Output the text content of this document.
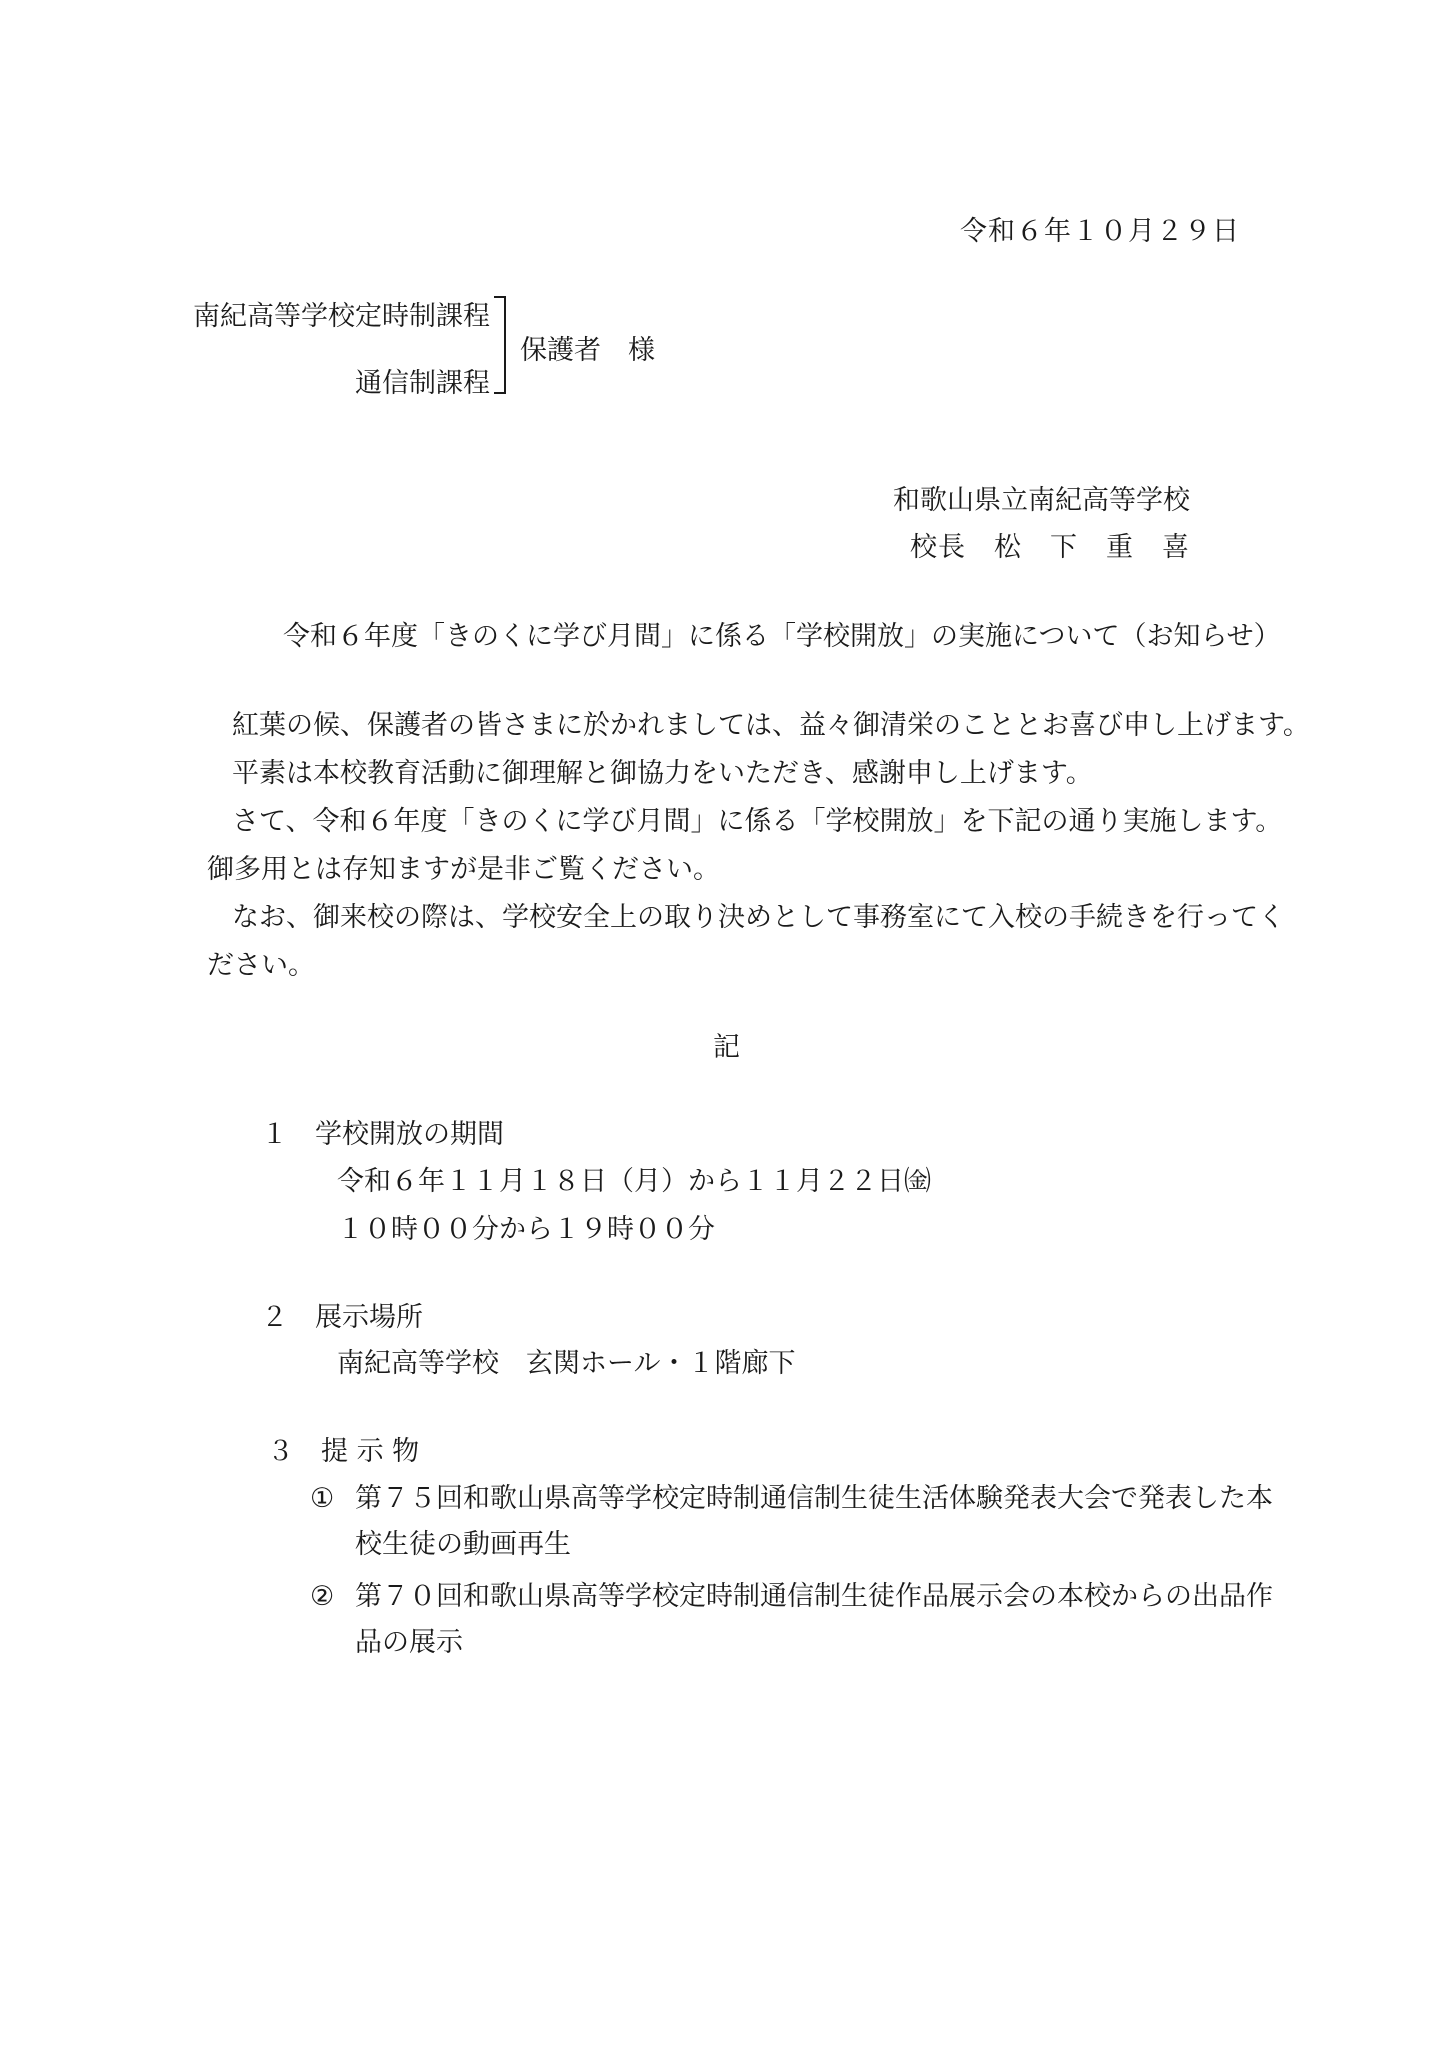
令和６年１０月２９日
南紀高等学校定時制課程
通信制課程
保護者　様
和歌山県立南紀高等学校
校長　松　下　重　喜
令和６年度「きのくに学び月間」に係る「学校開放」の実施について（お知らせ）
紅葉の候、保護者の皆さまに於かれましては、益々御清栄のこととお喜び申し上げます。
平素は本校教育活動に御理解と御協力をいただき、感謝申し上げます。
さて、令和６年度「きのくに学び月間」に係る「学校開放」を下記の通り実施します。
御多用とは存知ますが是非ご覧ください。
なお、御来校の際は、学校安全上の取り決めとして事務室にて入校の手続きを行ってく
ださい。
記
１　学校開放の期間
令和６年１１月１８日（月）から１１月２２日㈮
１０時００分から１９時００分
２　展示場所
南紀高等学校　玄関ホール・１階廊下
３　提 示 物
① 第７５回和歌山県高等学校定時制通信制生徒生活体験発表大会で発表した本
校生徒の動画再生
② 第７０回和歌山県高等学校定時制通信制生徒作品展示会の本校からの出品作
品の展示
